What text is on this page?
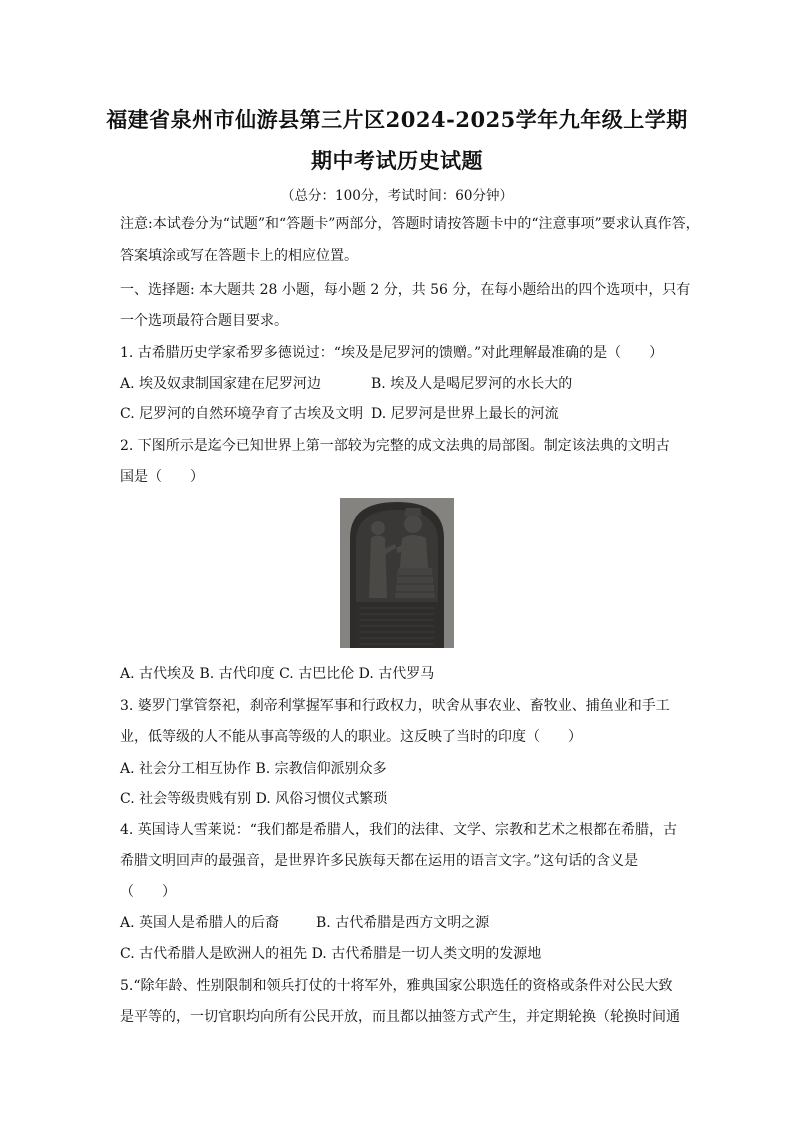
福建省泉州市仙游县第三片区2024-2025学年九年级上学期
期中考试历史试题
（总分：100分，考试时间：60分钟）
注意:本试卷分为“试题”和“答题卡”两部分，答题时请按答题卡中的“注意事项”要求认真作答，
答案填涂或写在答题卡上的相应位置。
一、选择题: 本大题共 28 小题，每小题 2 分，共 56 分，在每小题给出的四个选项中，只有
一个选项最符合题目要求。
1. 古希腊历史学家希罗多德说过：“埃及是尼罗河的馈赠。”对此理解最准确的是（　　）
A. 埃及奴隶制国家建在尼罗河边	B. 埃及人是喝尼罗河的水长大的
C. 尼罗河的自然环境孕育了古埃及文明 D. 尼罗河是世界上最长的河流
2. 下图所示是迄今已知世界上第一部较为完整的成文法典的局部图。制定该法典的文明古
国是（　　）
A. 古代埃及 B. 古代印度 C. 古巴比伦 D. 古代罗马
3. 婆罗门掌管祭祀，刹帝利掌握军事和行政权力，吠舍从事农业、畜牧业、捕鱼业和手工
业，低等级的人不能从事高等级的人的职业。这反映了当时的印度（　　）
A. 社会分工相互协作 B. 宗教信仰派别众多
C. 社会等级贵贱有别 D. 风俗习惯仪式繁琐
4. 英国诗人雪莱说：“我们都是希腊人，我们的法律、文学、宗教和艺术之根都在希腊，古
希腊文明回声的最强音，是世界许多民族每天都在运用的语言文字。”这句话的含义是
（　　）
A. 英国人是希腊人的后裔	B. 古代希腊是西方文明之源
C. 古代希腊人是欧洲人的祖先 D. 古代希腊是一切人类文明的发源地
5.“除年龄、性别限制和领兵打仗的十将军外，雅典国家公职选任的资格或条件对公民大致
是平等的，一切官职均向所有公民开放，而且都以抽签方式产生，并定期轮换（轮换时间通
